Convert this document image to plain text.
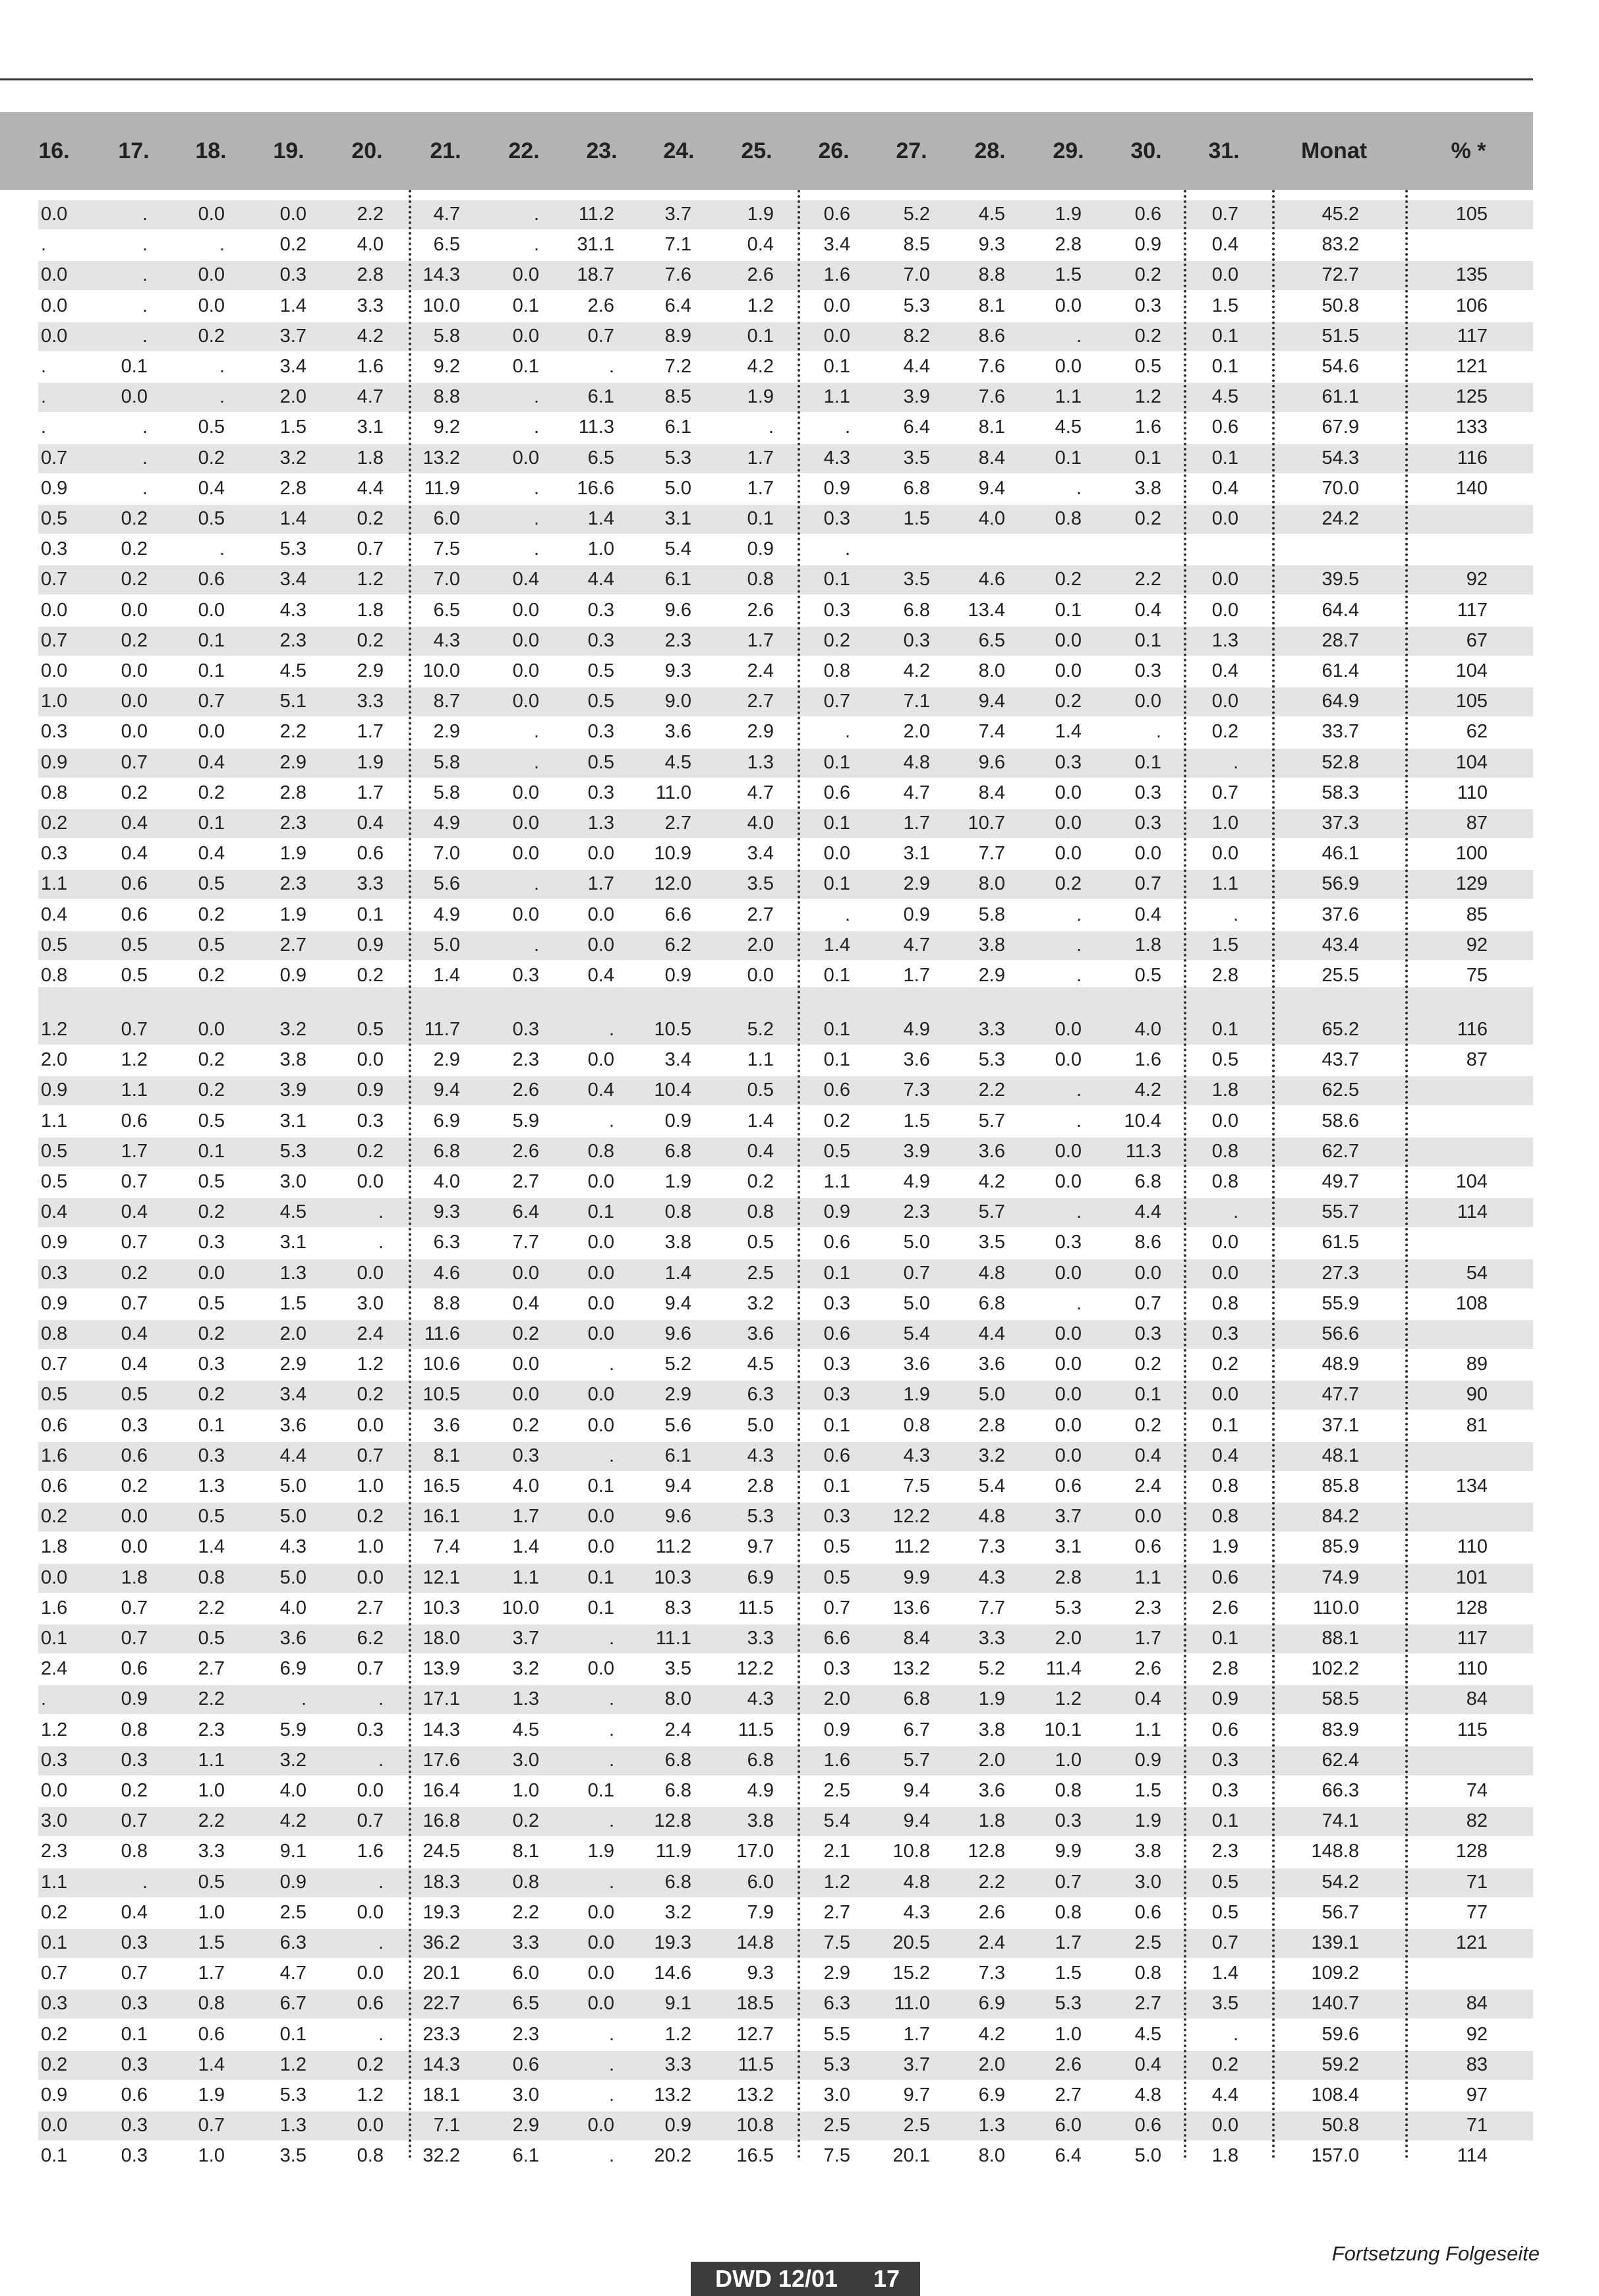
0.0	.	0.0	0.0	2.2	4.7	.	11.2	3.7	1.9	0.6	5.2	4.5	1.9	0.6	0.7	45.2	105
.	.	.	0.2	4.0	6.5	.	31.1	7.1	0.4	3.4	8.5	9.3	2.8	0.9	0.4	83.2
0.0	.	0.0	0.3	2.8	14.3	0.0	18.7	7.6	2.6	1.6	7.0	8.8	1.5	0.2	0.0	72.7	135
0.0	.	0.0	1.4	3.3	10.0	0.1	2.6	6.4	1.2	0.0	5.3	8.1	0.0	0.3	1.5	50.8	106
0.0	.	0.2	3.7	4.2	5.8	0.0	0.7	8.9	0.1	0.0	8.2	8.6	.	0.2	0.1	51.5	117
.	0.1	.	3.4	1.6	9.2	0.1	.	7.2	4.2	0.1	4.4	7.6	0.0	0.5	0.1	54.6	121
.	0.0	.	2.0	4.7	8.8	.	6.1	8.5	1.9	1.1	3.9	7.6	1.1	1.2	4.5	61.1	125
.	.	0.5	1.5	3.1	9.2	.	11.3	6.1	.	.	6.4	8.1	4.5	1.6	0.6	67.9	133
0.7	.	0.2	3.2	1.8	13.2	0.0	6.5	5.3	1.7	4.3	3.5	8.4	0.1	0.1	0.1	54.3	116
0.9	.	0.4	2.8	4.4	11.9	.	16.6	5.0	1.7	0.9	6.8	9.4	.	3.8	0.4	70.0	140
0.5	0.2	0.5	1.4	0.2	6.0	.	1.4	3.1	0.1	0.3	1.5	4.0	0.8	0.2	0.0	24.2
0.3	0.2	.	5.3	0.7	7.5	.	1.0	5.4	0.9	.
0.7	0.2	0.6	3.4	1.2	7.0	0.4	4.4	6.1	0.8	0.1	3.5	4.6	0.2	2.2	0.0	39.5	92
0.0	0.0	0.0	4.3	1.8	6.5	0.0	0.3	9.6	2.6	0.3	6.8	13.4	0.1	0.4	0.0	64.4	117
0.7	0.2	0.1	2.3	0.2	4.3	0.0	0.3	2.3	1.7	0.2	0.3	6.5	0.0	0.1	1.3	28.7	67
0.0	0.0	0.1	4.5	2.9	10.0	0.0	0.5	9.3	2.4	0.8	4.2	8.0	0.0	0.3	0.4	61.4	104
1.0	0.0	0.7	5.1	3.3	8.7	0.0	0.5	9.0	2.7	0.7	7.1	9.4	0.2	0.0	0.0	64.9	105
0.3	0.0	0.0	2.2	1.7	2.9	.	0.3	3.6	2.9	.	2.0	7.4	1.4	.	0.2	33.7	62
0.9	0.7	0.4	2.9	1.9	5.8	.	0.5	4.5	1.3	0.1	4.8	9.6	0.3	0.1	.	52.8	104
0.8	0.2	0.2	2.8	1.7	5.8	0.0	0.3	11.0	4.7	0.6	4.7	8.4	0.0	0.3	0.7	58.3	110
0.2	0.4	0.1	2.3	0.4	4.9	0.0	1.3	2.7	4.0	0.1	1.7	10.7	0.0	0.3	1.0	37.3	87
0.3	0.4	0.4	1.9	0.6	7.0	0.0	0.0	10.9	3.4	0.0	3.1	7.7	0.0	0.0	0.0	46.1	100
1.1	0.6	0.5	2.3	3.3	5.6	.	1.7	12.0	3.5	0.1	2.9	8.0	0.2	0.7	1.1	56.9	129
0.4	0.6	0.2	1.9	0.1	4.9	0.0	0.0	6.6	2.7	.	0.9	5.8	.	0.4	.	37.6	85
0.5	0.5	0.5	2.7	0.9	5.0	.	0.0	6.2	2.0	1.4	4.7	3.8	.	1.8	1.5	43.4	92
0.8	0.5	0.2	0.9	0.2	1.4	0.3	0.4	0.9	0.0	0.1	1.7	2.9	.	0.5	2.8	25.5	75
1.2	0.7	0.0	3.2	0.5	11.7	0.3	.	10.5	5.2	0.1	4.9	3.3	0.0	4.0	0.1	65.2	116
2.0	1.2	0.2	3.8	0.0	2.9	2.3	0.0	3.4	1.1	0.1	3.6	5.3	0.0	1.6	0.5	43.7	87
0.9	1.1	0.2	3.9	0.9	9.4	2.6	0.4	10.4	0.5	0.6	7.3	2.2	.	4.2	1.8	62.5
1.1	0.6	0.5	3.1	0.3	6.9	5.9	.	0.9	1.4	0.2	1.5	5.7	.	10.4	0.0	58.6
0.5	1.7	0.1	5.3	0.2	6.8	2.6	0.8	6.8	0.4	0.5	3.9	3.6	0.0	11.3	0.8	62.7
0.5	0.7	0.5	3.0	0.0	4.0	2.7	0.0	1.9	0.2	1.1	4.9	4.2	0.0	6.8	0.8	49.7	104
0.4	0.4	0.2	4.5	.	9.3	6.4	0.1	0.8	0.8	0.9	2.3	5.7	.	4.4	.	55.7	114
0.9	0.7	0.3	3.1	.	6.3	7.7	0.0	3.8	0.5	0.6	5.0	3.5	0.3	8.6	0.0	61.5
0.3	0.2	0.0	1.3	0.0	4.6	0.0	0.0	1.4	2.5	0.1	0.7	4.8	0.0	0.0	0.0	27.3	54
0.9	0.7	0.5	1.5	3.0	8.8	0.4	0.0	9.4	3.2	0.3	5.0	6.8	.	0.7	0.8	55.9	108
0.8	0.4	0.2	2.0	2.4	11.6	0.2	0.0	9.6	3.6	0.6	5.4	4.4	0.0	0.3	0.3	56.6
0.7	0.4	0.3	2.9	1.2	10.6	0.0	.	5.2	4.5	0.3	3.6	3.6	0.0	0.2	0.2	48.9	89
0.5	0.5	0.2	3.4	0.2	10.5	0.0	0.0	2.9	6.3	0.3	1.9	5.0	0.0	0.1	0.0	47.7	90
0.6	0.3	0.1	3.6	0.0	3.6	0.2	0.0	5.6	5.0	0.1	0.8	2.8	0.0	0.2	0.1	37.1	81
1.6	0.6	0.3	4.4	0.7	8.1	0.3	.	6.1	4.3	0.6	4.3	3.2	0.0	0.4	0.4	48.1
0.6	0.2	1.3	5.0	1.0	16.5	4.0	0.1	9.4	2.8	0.1	7.5	5.4	0.6	2.4	0.8	85.8	134
0.2	0.0	0.5	5.0	0.2	16.1	1.7	0.0	9.6	5.3	0.3	12.2	4.8	3.7	0.0	0.8	84.2
1.8	0.0	1.4	4.3	1.0	7.4	1.4	0.0	11.2	9.7	0.5	11.2	7.3	3.1	0.6	1.9	85.9	110
0.0	1.8	0.8	5.0	0.0	12.1	1.1	0.1	10.3	6.9	0.5	9.9	4.3	2.8	1.1	0.6	74.9	101
1.6	0.7	2.2	4.0	2.7	10.3	10.0	0.1	8.3	11.5	0.7	13.6	7.7	5.3	2.3	2.6	110.0	128
0.1	0.7	0.5	3.6	6.2	18.0	3.7	.	11.1	3.3	6.6	8.4	3.3	2.0	1.7	0.1	88.1	117
2.4	0.6	2.7	6.9	0.7	13.9	3.2	0.0	3.5	12.2	0.3	13.2	5.2	11.4	2.6	2.8	102.2	110
.	0.9	2.2	.	.	17.1	1.3	.	8.0	4.3	2.0	6.8	1.9	1.2	0.4	0.9	58.5	84
1.2	0.8	2.3	5.9	0.3	14.3	4.5	.	2.4	11.5	0.9	6.7	3.8	10.1	1.1	0.6	83.9	115
0.3	0.3	1.1	3.2	.	17.6	3.0	.	6.8	6.8	1.6	5.7	2.0	1.0	0.9	0.3	62.4
0.0	0.2	1.0	4.0	0.0	16.4	1.0	0.1	6.8	4.9	2.5	9.4	3.6	0.8	1.5	0.3	66.3	74
3.0	0.7	2.2	4.2	0.7	16.8	0.2	.	12.8	3.8	5.4	9.4	1.8	0.3	1.9	0.1	74.1	82
2.3	0.8	3.3	9.1	1.6	24.5	8.1	1.9	11.9	17.0	2.1	10.8	12.8	9.9	3.8	2.3	148.8	128
1.1	.	0.5	0.9	.	18.3	0.8	.	6.8	6.0	1.2	4.8	2.2	0.7	3.0	0.5	54.2	71
0.2	0.4	1.0	2.5	0.0	19.3	2.2	0.0	3.2	7.9	2.7	4.3	2.6	0.8	0.6	0.5	56.7	77
0.1	0.3	1.5	6.3	.	36.2	3.3	0.0	19.3	14.8	7.5	20.5	2.4	1.7	2.5	0.7	139.1	121
0.7	0.7	1.7	4.7	0.0	20.1	6.0	0.0	14.6	9.3	2.9	15.2	7.3	1.5	0.8	1.4	109.2
0.3	0.3	0.8	6.7	0.6	22.7	6.5	0.0	9.1	18.5	6.3	11.0	6.9	5.3	2.7	3.5	140.7	84
0.2	0.1	0.6	0.1	.	23.3	2.3	.	1.2	12.7	5.5	1.7	4.2	1.0	4.5	.	59.6	92
0.2	0.3	1.4	1.2	0.2	14.3	0.6	.	3.3	11.5	5.3	3.7	2.0	2.6	0.4	0.2	59.2	83
0.9	0.6	1.9	5.3	1.2	18.1	3.0	.	13.2	13.2	3.0	9.7	6.9	2.7	4.8	4.4	108.4	97
0.0	0.3	0.7	1.3	0.0	7.1	2.9	0.0	0.9	10.8	2.5	2.5	1.3	6.0	0.6	0.0	50.8	71
0.1	0.3	1.0	3.5	0.8	32.2	6.1	.	20.2	16.5	7.5	20.1	8.0	6.4	5.0	1.8	157.0	114
DWD 12/01	17
Fortsetzung Folgeseite
16.	17.	18.	19.	20.	21.	22.	23.	24.	25.	26.	27.	28.	29.	30.	31.	Monat	% *
